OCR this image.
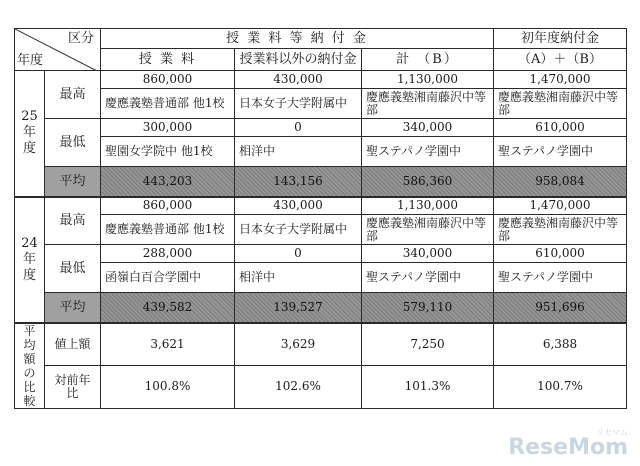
区分
年度		授 業 料 等 納 付 金			初年度納付金
		授 業 料	授業料以外の納付金	計 （B）	（A）＋（B）
25年度	最高	860,000	430,000	1,130,000	1,470,000
		慶應義塾普通部 他1校	日本女子大学附属中	慶應義塾湘南藤沢中等部	慶應義塾湘南藤沢中等部
	最低	300,000	0	340,000	610,000
		聖園女学院中 他1校	相洋中	聖ステパノ学園中	聖ステパノ学園中
	平均	443,203	143,156	586,360	958,084
24年度	最高	860,000	430,000	1,130,000	1,470,000
		慶應義塾普通部 他1校	日本女子大学附属中	慶應義塾湘南藤沢中等部	慶應義塾湘南藤沢中等部
	最低	288,000	0	340,000	610,000
		函嶺白百合学園中	相洋中	聖ステパノ学園中	聖ステパノ学園中
	平均	439,582	139,527	579,110	951,696
平均額の比較	値上額	3,621	3,629	7,250	6,388
	対前年比	100.8%	102.6%	101.3%	100.7%
リセマム
ReseMom
